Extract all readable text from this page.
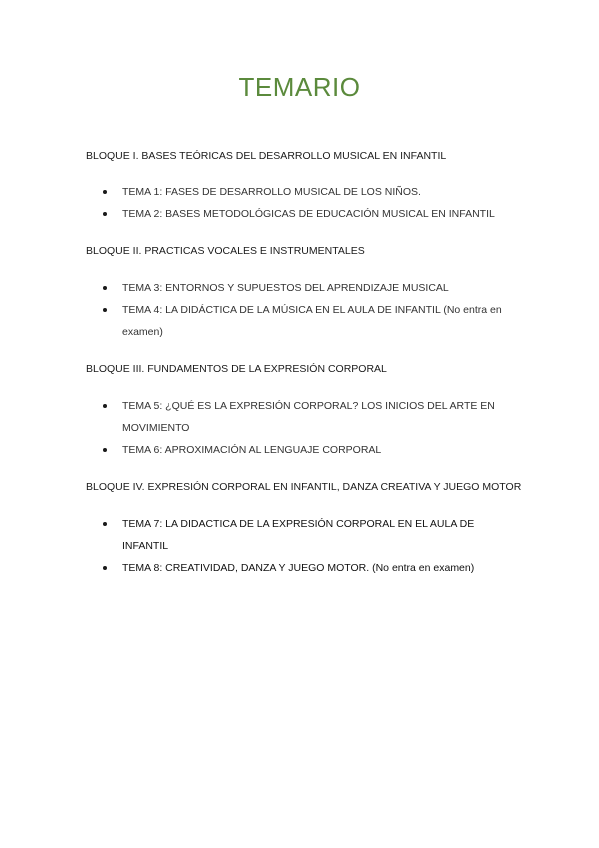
TEMARIO
BLOQUE I. BASES TEÓRICAS DEL DESARROLLO MUSICAL EN INFANTIL
TEMA 1: FASES DE DESARROLLO MUSICAL DE LOS NIÑOS.
TEMA 2: BASES METODOLÓGICAS DE EDUCACIÓN MUSICAL EN INFANTIL
BLOQUE II. PRACTICAS VOCALES E INSTRUMENTALES
TEMA 3: ENTORNOS Y SUPUESTOS DEL APRENDIZAJE MUSICAL
TEMA 4: LA DIDÁCTICA DE LA MÚSICA EN EL AULA DE INFANTIL (No entra en examen)
BLOQUE III. FUNDAMENTOS DE LA EXPRESIÓN CORPORAL
TEMA 5: ¿QUÉ ES LA EXPRESIÓN CORPORAL? LOS INICIOS DEL ARTE EN MOVIMIENTO
TEMA 6: APROXIMACIÓN AL LENGUAJE CORPORAL
BLOQUE IV. EXPRESIÓN CORPORAL EN INFANTIL, DANZA CREATIVA Y JUEGO MOTOR
TEMA 7: LA DIDACTICA DE LA EXPRESIÓN CORPORAL EN EL AULA DE INFANTIL
TEMA 8: CREATIVIDAD, DANZA Y JUEGO MOTOR. (No entra en examen)
